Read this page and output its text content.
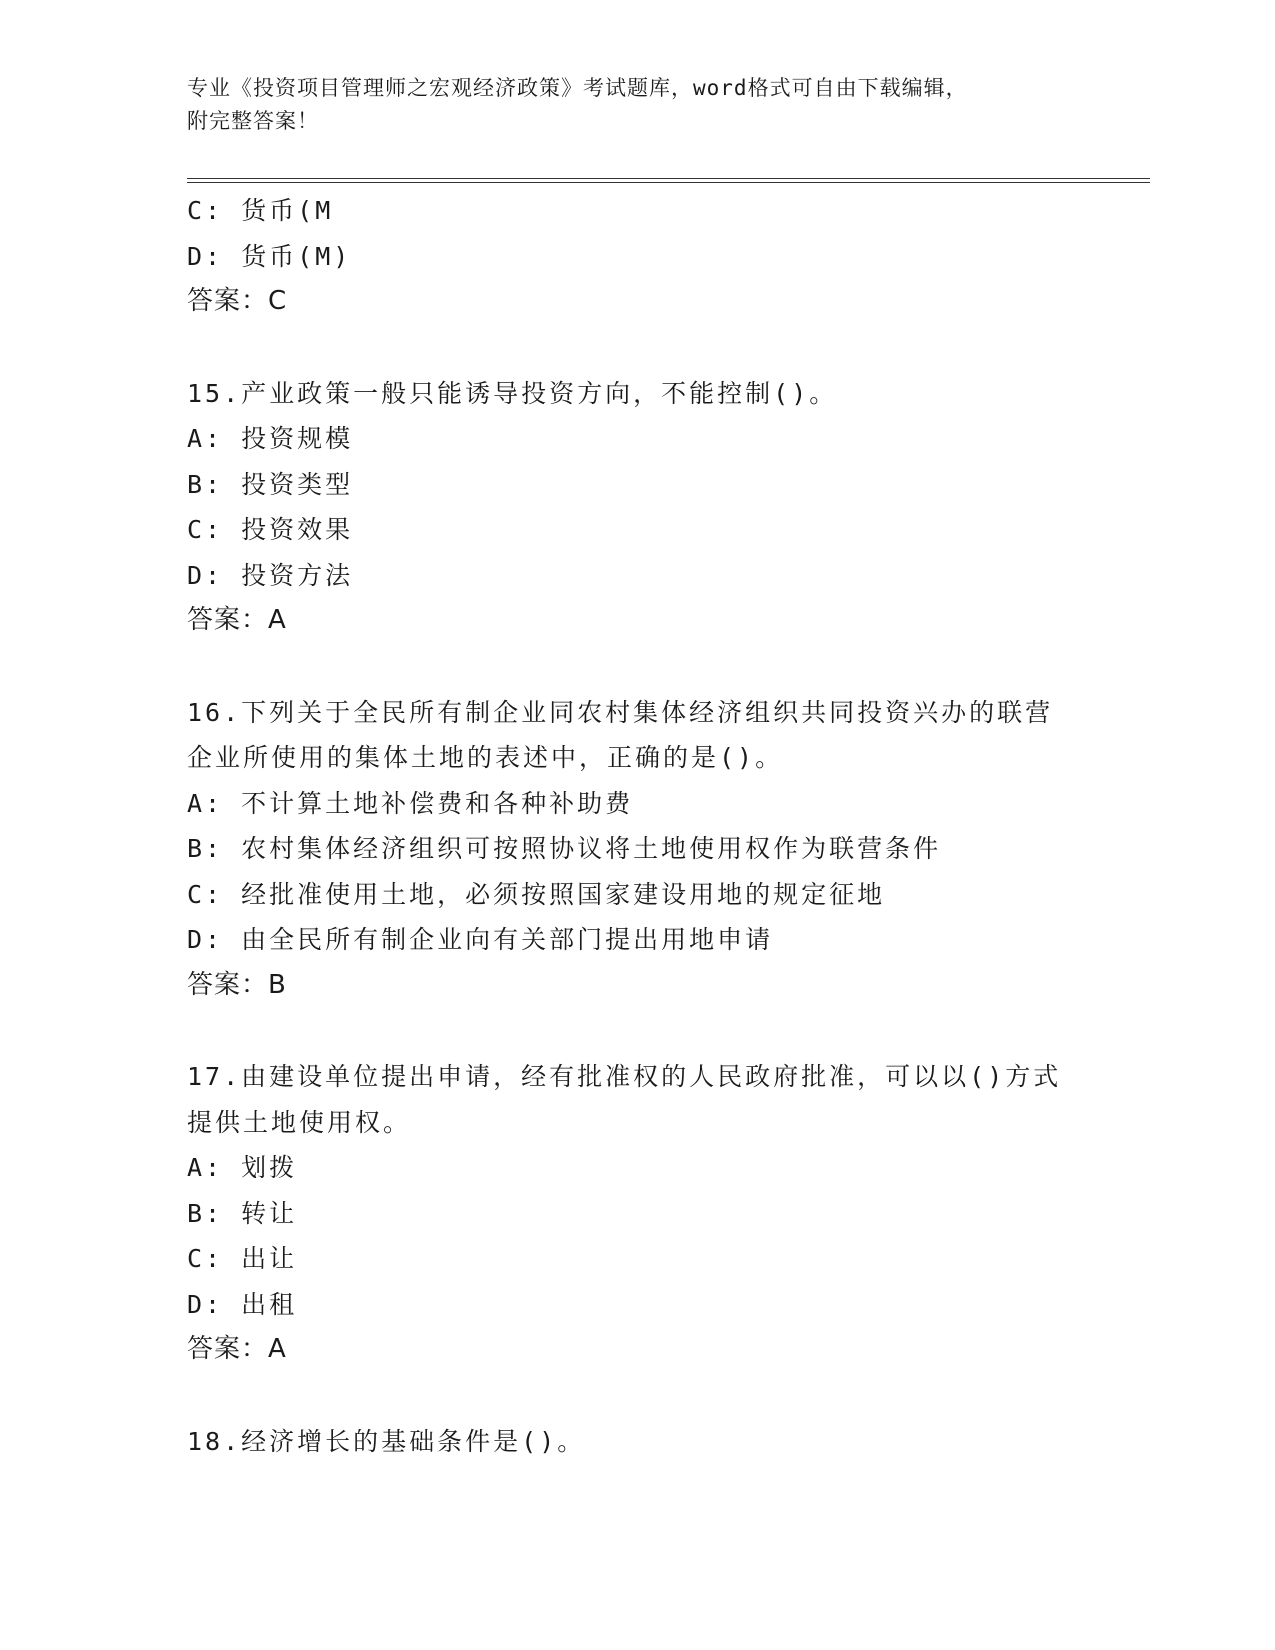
专业《投资项目管理师之宏观经济政策》考试题库，word格式可自由下载编辑，
附完整答案！
C: 货币(M
D: 货币(M)
答案：C
15.产业政策一般只能诱导投资方向，不能控制()。
A: 投资规模
B: 投资类型
C: 投资效果
D: 投资方法
答案：A
16.下列关于全民所有制企业同农村集体经济组织共同投资兴办的联营
企业所使用的集体土地的表述中，正确的是()。
A: 不计算土地补偿费和各种补助费
B: 农村集体经济组织可按照协议将土地使用权作为联营条件
C: 经批准使用土地，必须按照国家建设用地的规定征地
D: 由全民所有制企业向有关部门提出用地申请
答案：B
17.由建设单位提出申请，经有批准权的人民政府批准，可以以()方式
提供土地使用权。
A: 划拨
B: 转让
C: 出让
D: 出租
答案：A
18.经济增长的基础条件是()。
